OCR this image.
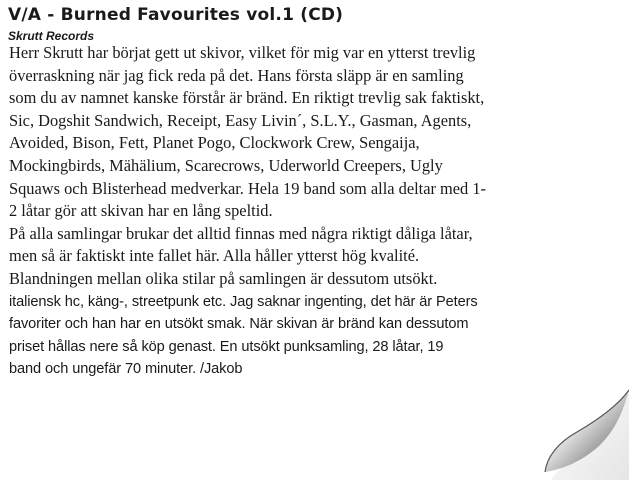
V/A - Burned Favourites vol.1 (CD)
Skrutt Records
Herr Skrutt har börjat gett ut skivor, vilket för mig var en ytterst trevlig
överraskning när jag fick reda på det. Hans första släpp är en samling
som du av namnet kanske förstår är bränd. En riktigt trevlig sak faktiskt,
Sic, Dogshit Sandwich, Receipt, Easy Livin´, S.L.Y., Gasman, Agents,
Avoided, Bison, Fett, Planet Pogo, Clockwork Crew, Sengaija,
Mockingbirds, Mähälium, Scarecrows, Uderworld Creepers, Ugly
Squaws och Blisterhead medverkar. Hela 19 band som alla deltar med 1-
2 låtar gör att skivan har en lång speltid.
På alla samlingar brukar det alltid finnas med några riktigt dåliga låtar,
men så är faktiskt inte fallet här. Alla håller ytterst hög kvalité.
Blandningen mellan olika stilar på samlingen är dessutom utsökt.
italiensk hc, käng-, streetpunk etc. Jag saknar ingenting, det här är Peters
favoriter och han har en utsökt smak. När skivan är bränd kan dessutom
priset hållas nere så köp genast. En utsökt punksamling, 28 låtar, 19
band och ungefär 70 minuter. /Jakob
